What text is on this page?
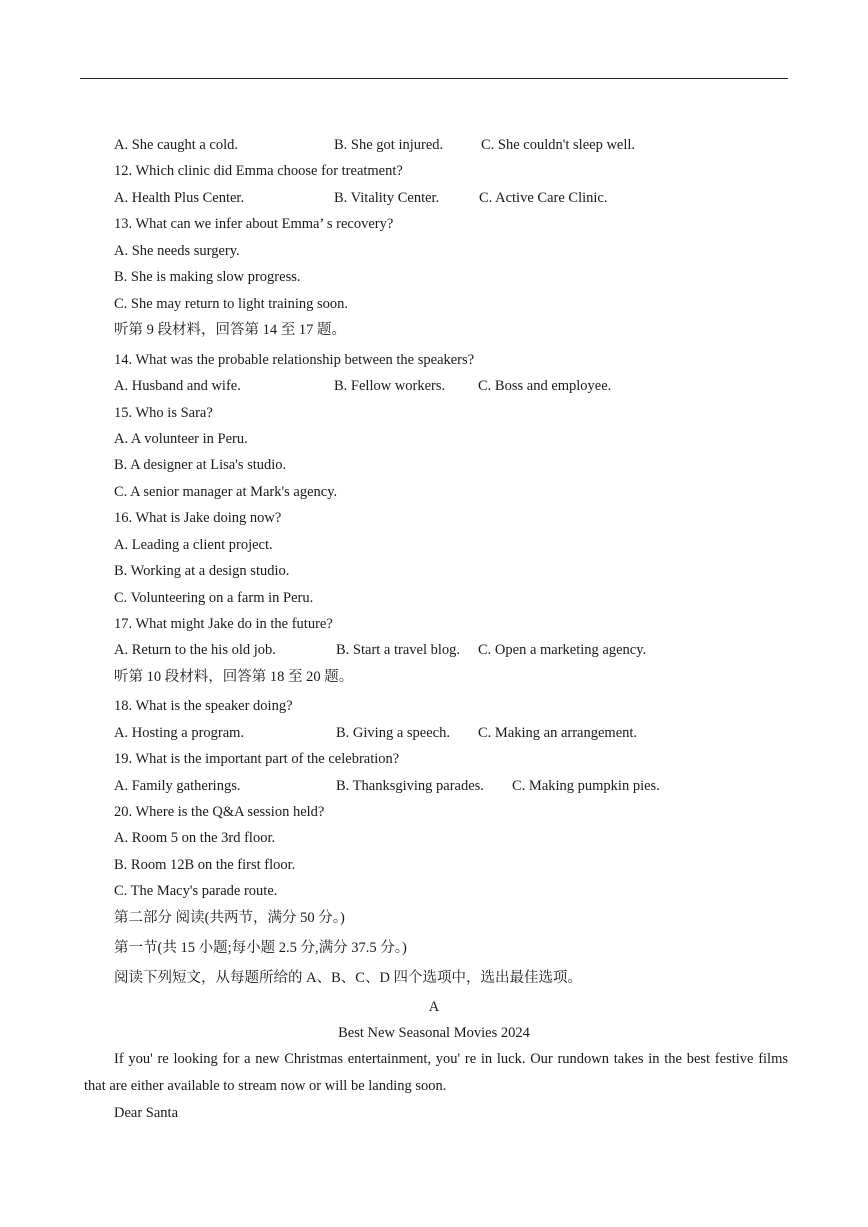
A. She caught a cold.	B. She got injured.	C. She couldn't sleep well.
12. Which clinic did Emma choose for treatment?
A. Health Plus Center.	B. Vitality Center.	C. Active Care Clinic.
13. What can we infer about Emma’ s recovery?
A. She needs surgery.
B. She is making slow progress.
C. She may return to light training soon.
听第 9 段材料，回答第 14 至 17 题。
14. What was the probable relationship between the speakers?
A. Husband and wife.	B. Fellow workers. C. Boss and employee.
15. Who is Sara?
A. A volunteer in Peru.
B. A designer at Lisa's studio.
C. A senior manager at Mark's agency.
16. What is Jake doing now?
A. Leading a client project.
B. Working at a design studio.
C. Volunteering on a farm in Peru.
17. What might Jake do in the future?
A. Return to the his old job.	B. Start a travel blog. C. Open a marketing agency.
听第 10 段材料，回答第 18 至 20 题。
18. What is the speaker doing?
A. Hosting a program.	B. Giving a speech. C. Making an arrangement.
19. What is the important part of the celebration?
A. Family gatherings.	B. Thanksgiving parades. C. Making pumpkin pies.
20. Where is the Q&A session held?
A. Room 5 on the 3rd floor.
B. Room 12B on the first floor.
C. The Macy's parade route.
第二部分 阅读(共两节，满分 50 分。)
第一节(共 15 小题;每小题 2.5 分,满分 37.5 分。)
阅读下列短文，从每题所给的 A、B、C、D 四个选项中，选出最佳选项。
A
Best New Seasonal Movies 2024
If you' re looking for a new Christmas entertainment, you' re in luck. Our rundown takes in the best festive films that are either available to stream now or will be landing soon.
Dear Santa
